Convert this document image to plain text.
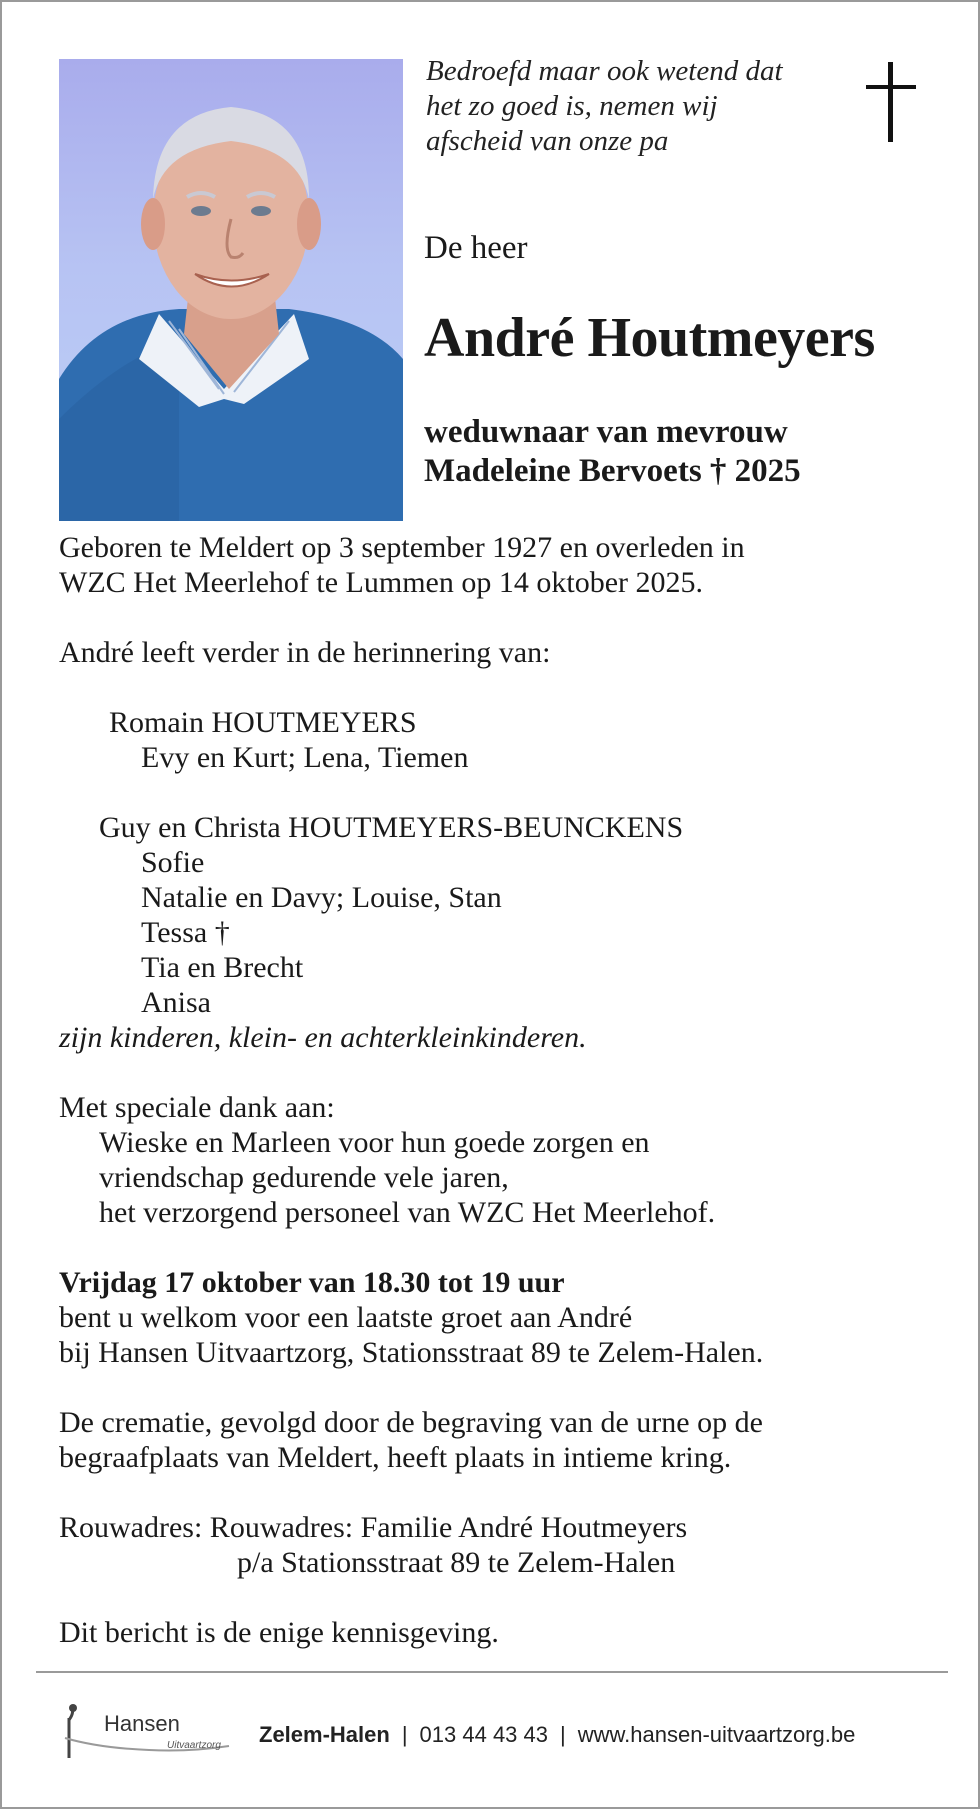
Bedroefd maar ook wetend dat
het zo goed is, nemen wij
afscheid van onze pa
De heer
André Houtmeyers
weduwnaar van mevrouw
Madeleine Bervoets † 2025
Geboren te Meldert op 3 september 1927 en overleden in
WZC Het Meerlehof te Lummen op 14 oktober 2025.
André leeft verder in de herinnering van:
Romain HOUTMEYERS
Evy en Kurt; Lena, Tiemen
Guy en Christa HOUTMEYERS-BEUNCKENS
Sofie
Natalie en Davy; Louise, Stan
Tessa †
Tia en Brecht
Anisa
zijn kinderen, klein- en achterkleinkinderen.
Met speciale dank aan:
Wieske en Marleen voor hun goede zorgen en
vriendschap gedurende vele jaren,
het verzorgend personeel van WZC Het Meerlehof.
Vrijdag 17 oktober van 18.30 tot 19 uur
bent u welkom voor een laatste groet aan André
bij Hansen Uitvaartzorg, Stationsstraat 89 te Zelem-Halen.
De crematie, gevolgd door de begraving van de urne op de
begraafplaats van Meldert, heeft plaats in intieme kring.
Rouwadres: Rouwadres: Familie André Houtmeyers
p/a Stationsstraat 89 te Zelem-Halen
Dit bericht is de enige kennisgeving.
Hansen
Uitvaartzorg Zelem-Halen | 013 44 43 43 | www.hansen-uitvaartzorg.be
